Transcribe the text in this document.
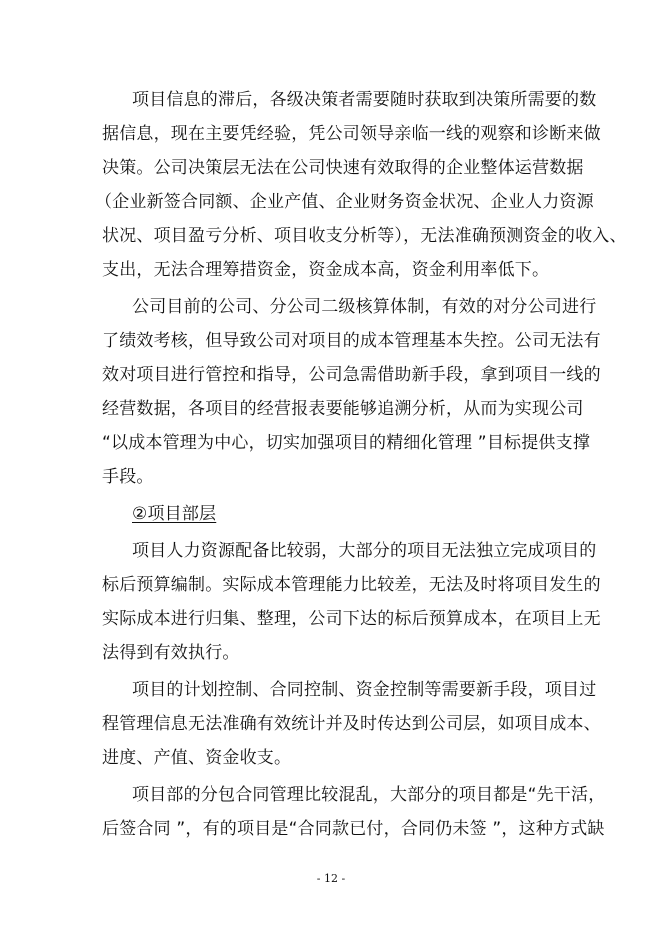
项目信息的滞后，各级决策者需要随时获取到决策所需要的数
据信息，现在主要凭经验，凭公司领导亲临一线的观察和诊断来做
决策。公司决策层无法在公司快速有效取得的企业整体运营数据
（企业新签合同额、企业产值、企业财务资金状况、企业人力资源
状况、项目盈亏分析、项目收支分析等），无法准确预测资金的收入、
支出，无法合理筹措资金，资金成本高，资金利用率低下。
公司目前的公司、分公司二级核算体制，有效的对分公司进行
了绩效考核，但导致公司对项目的成本管理基本失控。公司无法有
效对项目进行管控和指导，公司急需借助新手段，拿到项目一线的
经营数据，各项目的经营报表要能够追溯分析，从而为实现公司
“以成本管理为中心，切实加强项目的精细化管理 ”目标提供支撑
手段。
②项目部层
项目人力资源配备比较弱，大部分的项目无法独立完成项目的
标后预算编制。实际成本管理能力比较差，无法及时将项目发生的
实际成本进行归集、整理，公司下达的标后预算成本，在项目上无
法得到有效执行。
项目的计划控制、合同控制、资金控制等需要新手段，项目过
程管理信息无法准确有效统计并及时传达到公司层，如项目成本、
进度、产值、资金收支。
项目部的分包合同管理比较混乱，大部分的项目都是“先干活，
后签合同 ”，有的项目是“合同款已付，合同仍未签 ”，这种方式缺
- 12 -
